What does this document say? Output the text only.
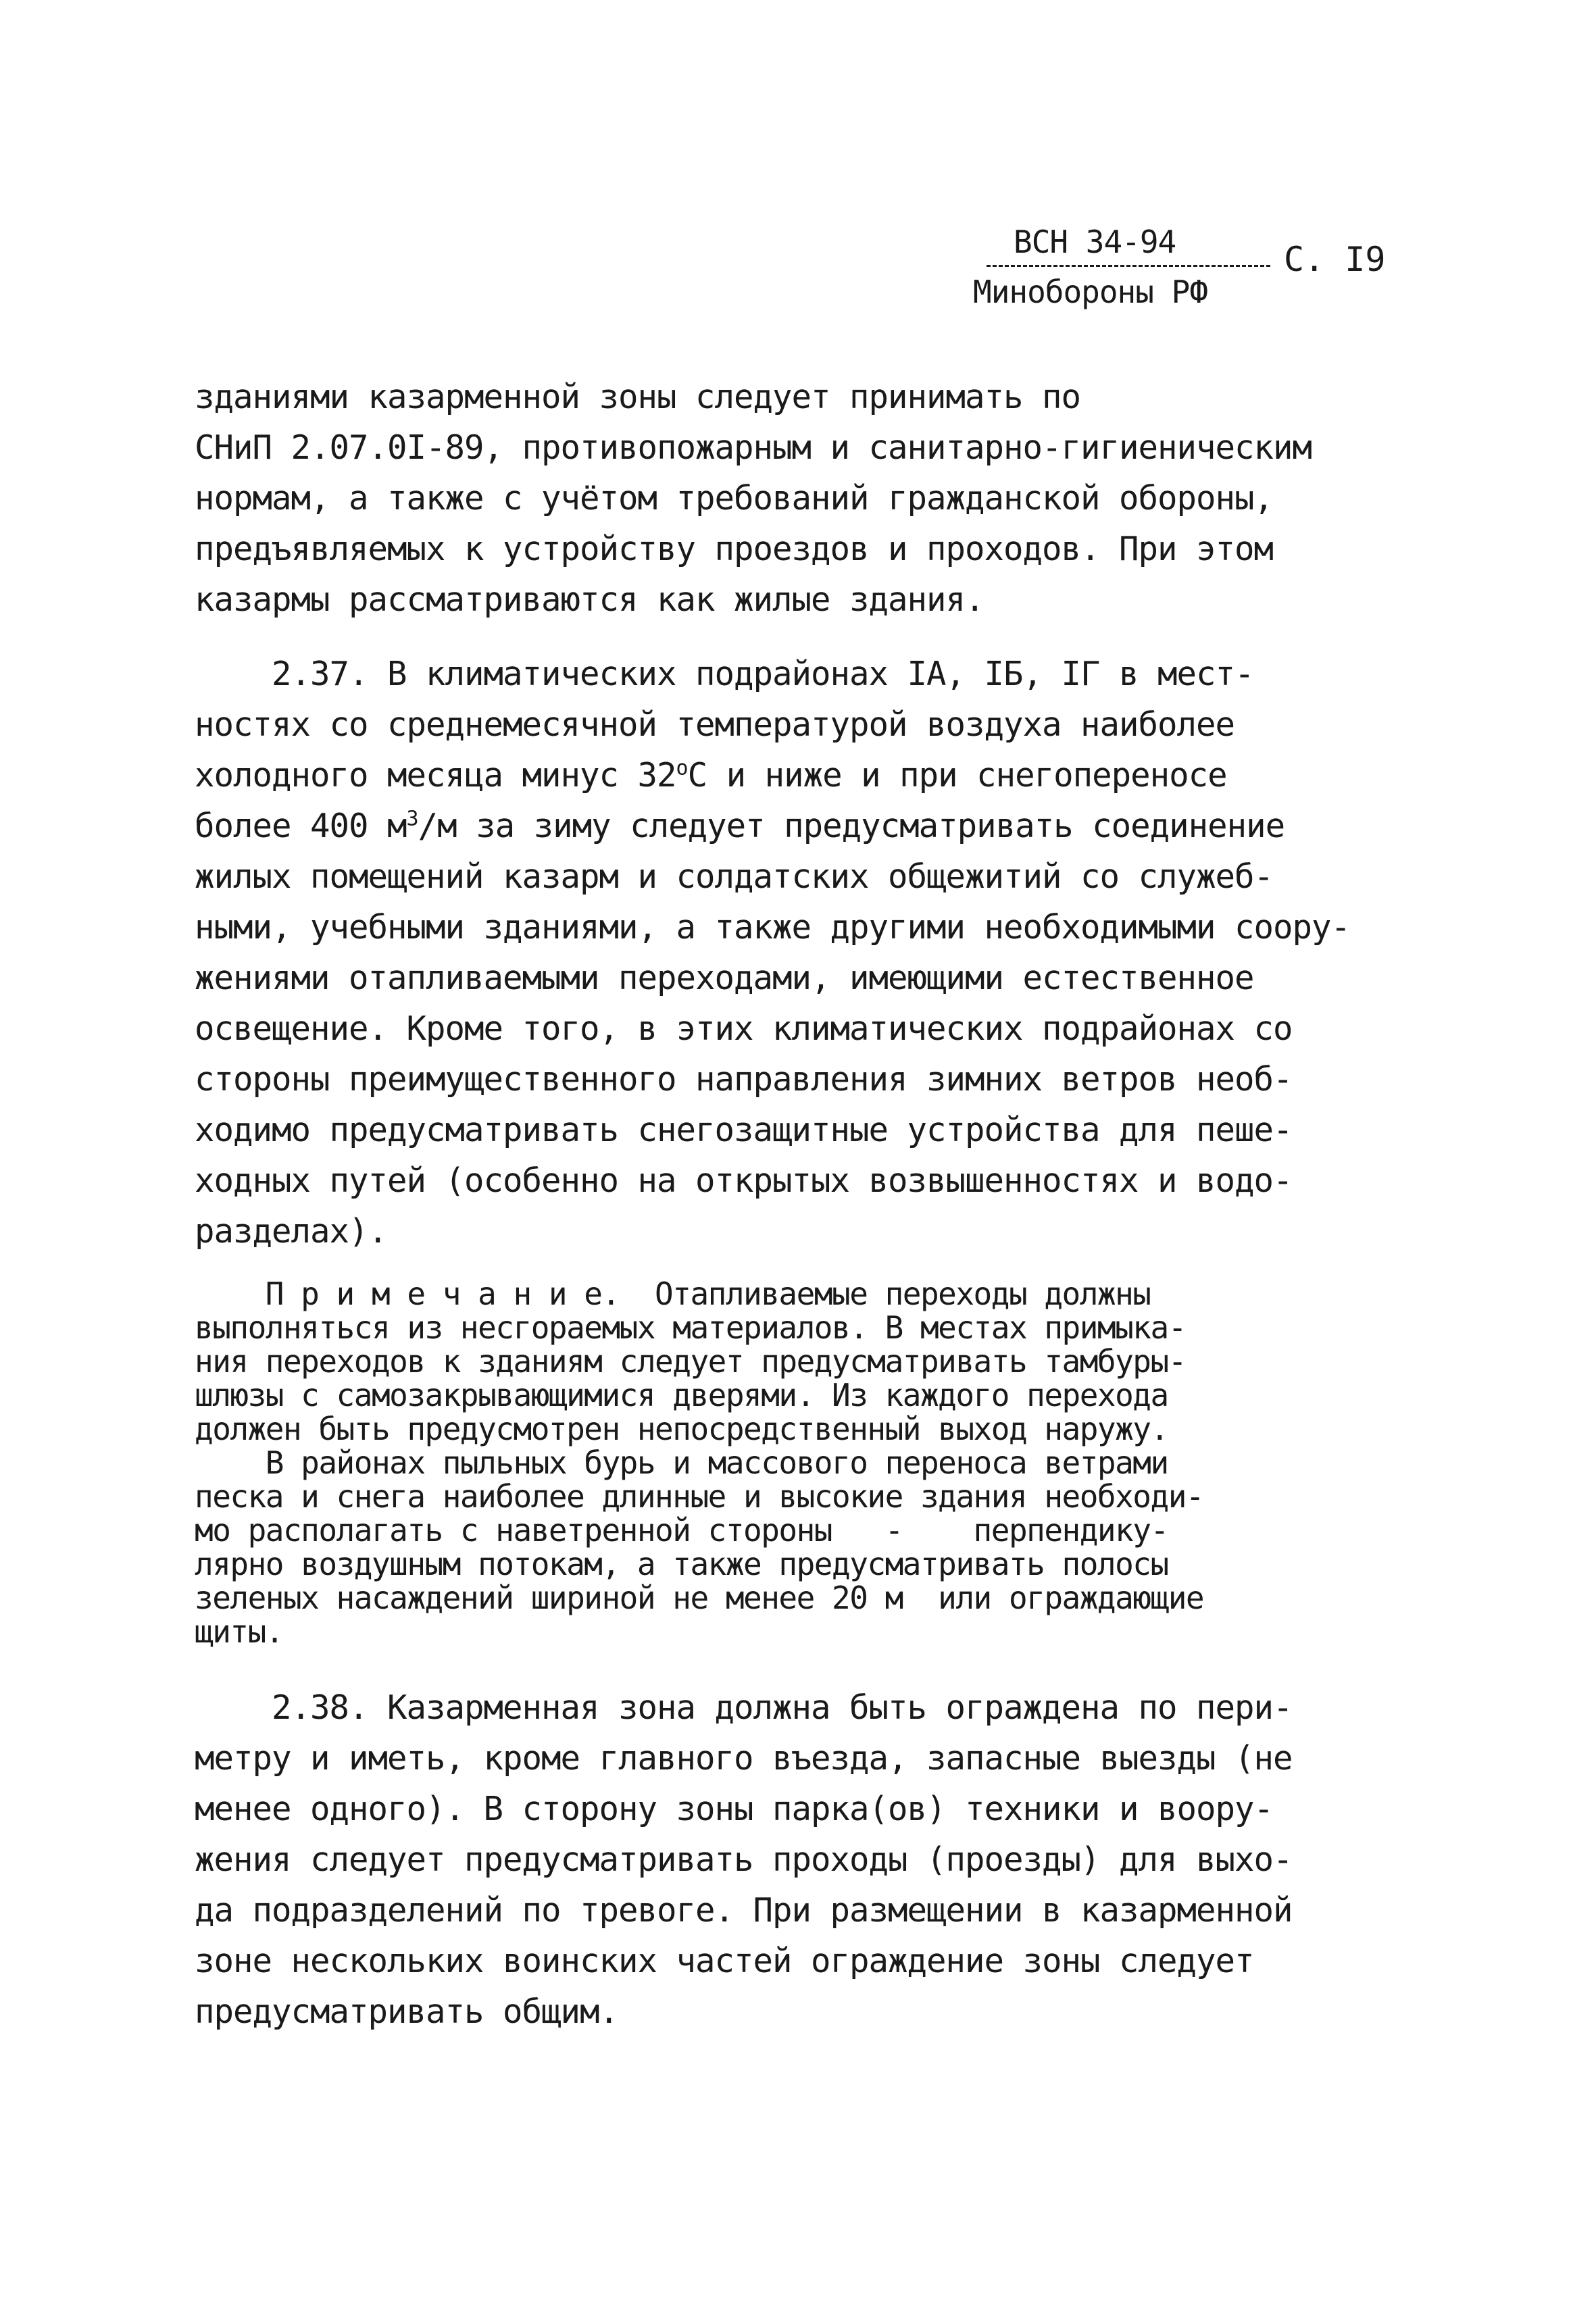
ВСН 34-94	С. I9
Минобороны РФ
зданиями казарменной зоны следует принимать по
СНиП 2.07.0I-89, противопожарным и санитарно-гигиеническим
нормам, а также с учётом требований гражданской обороны,
предъявляемых к устройству проездов и проходов. При этом
казармы рассматриваются как жилые здания.
2.37. В климатических подрайонах IA, IБ, IГ в мест-
ностях со среднемесячной температурой воздуха наиболее
холодного месяца минус $32^оС$ и ниже и при снегопереносе
более 400 $м^3/м$ за зиму следует предусматривать соединение
жилых помещений казарм и солдатских общежитий со служеб-
ными, учебными зданиями, а также другими необходимыми соору-
жениями отапливаемыми переходами, имеющими естественное
освещение. Кроме того, в этих климатических подрайонах со
стороны преимущественного направления зимних ветров необ-
ходимо предусматривать снегозащитные устройства для пеше-
ходных путей (особенно на открытых возвышенностях и водо-
разделах).
П р и м е ч а н и е.  Отапливаемые переходы должны
выполняться из несгораемых материалов. В местах примыка-
ния переходов к зданиям следует предусматривать тамбуры-
шлюзы с самозакрывающимися дверями. Из каждого перехода
должен быть предусмотрен непосредственный выход наружу.
В районах пыльных бурь и массового переноса ветрами
песка и снега наиболее длинные и высокие здания необходи-
мо располагать с наветренной стороны   -    перпендику-
лярно воздушным потокам, а также предусматривать полосы
зеленых насаждений шириной не менее 20 м  или ограждающие
щиты.
2.38. Казарменная зона должна быть ограждена по пери-
метру и иметь, кроме главного въезда, запасные выезды (не
менее одного). В сторону зоны парка(ов) техники и воору-
жения следует предусматривать проходы (проезды) для выхо-
да подразделений по тревоге. При размещении в казарменной
зоне нескольких воинских частей ограждение зоны следует
предусматривать общим.
